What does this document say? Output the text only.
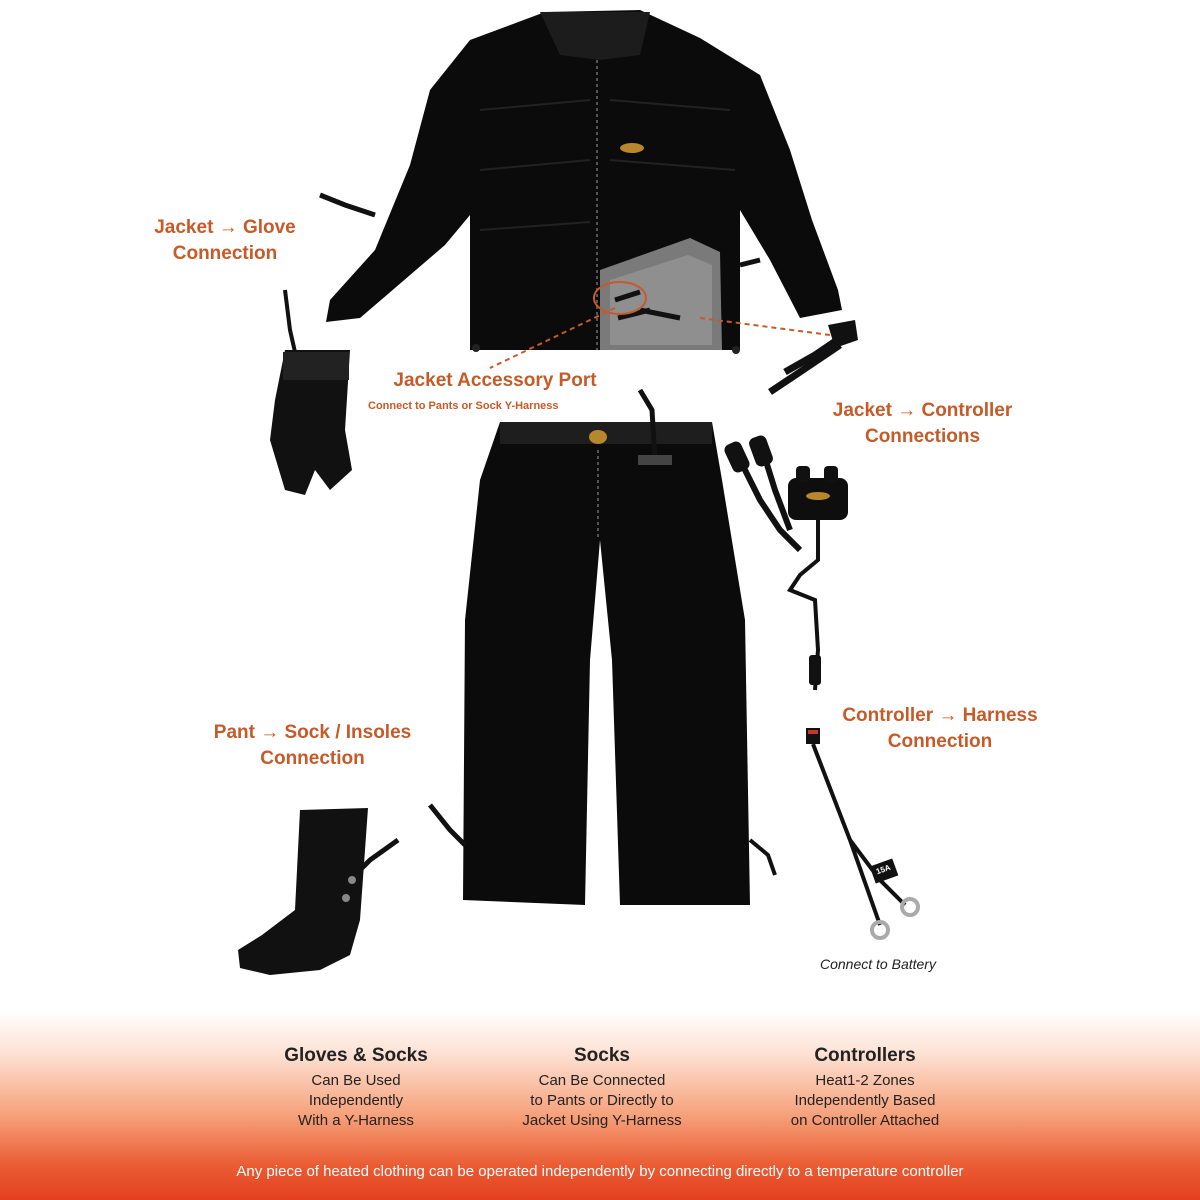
Jacket → Glove
Connection
Jacket Accessory Port
Connect to Pants or Sock Y-Harness	Jacket → Controller
Connections
Pant → Sock / Insoles
Connection
Controller → Harness
Connection
Connect to Battery
15A
Gloves & Socks
Can Be Used
Independently
With a Y-Harness
Socks
Can Be Connected
to Pants or Directly to
Jacket Using Y-Harness
Controllers
Heat1-2 Zones
Independently Based
on Controller Attached
Any piece of heated clothing can be operated independently by connecting directly to a temperature controller
